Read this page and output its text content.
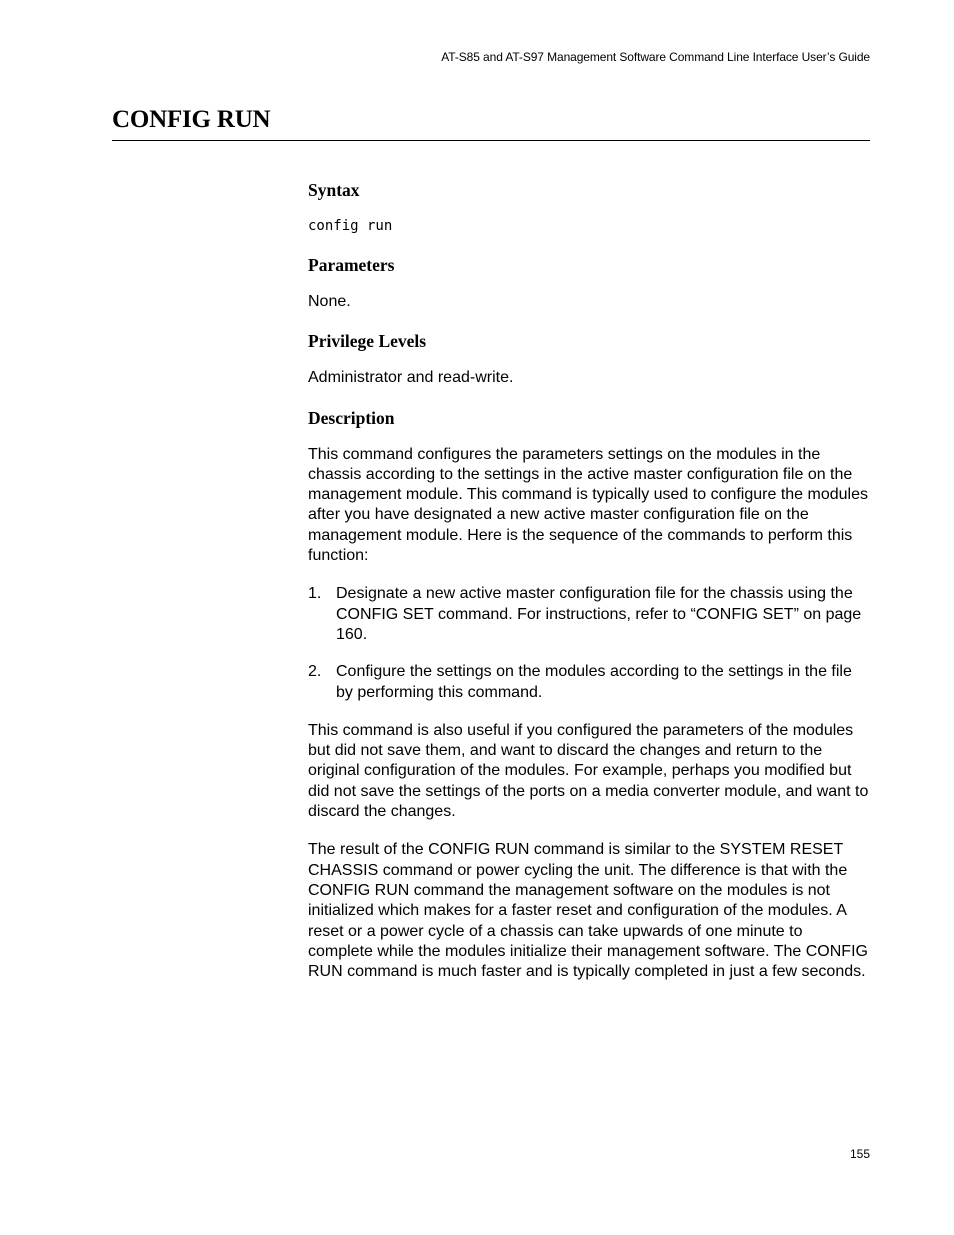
AT-S85 and AT-S97 Management Software Command Line Interface User’s Guide
CONFIG RUN
Syntax
config run
Parameters

None.

Privilege Levels

Administrator and read-write.

Description

This command configures the parameters settings on the modules in the chassis according to the settings in the active master configuration file on the management module. This command is typically used to configure the modules after you have designated a new active master configuration file on the management module. Here is the sequence of the commands to perform this function:

1. Designate a new active master configuration file for the chassis using the CONFIG SET command. For instructions, refer to “CONFIG SET” on page 160.
2. Configure the settings on the modules according to the settings in the file by performing this command.

This command is also useful if you configured the parameters of the modules but did not save them, and want to discard the changes and return to the original configuration of the modules. For example, perhaps you modified but did not save the settings of the ports on a media converter module, and want to discard the changes.

The result of the CONFIG RUN command is similar to the SYSTEM RESET CHASSIS command or power cycling the unit. The difference is that with the CONFIG RUN command the management software on the modules is not initialized which makes for a faster reset and configuration of the modules. A reset or a power cycle of a chassis can take upwards of one minute to complete while the modules initialize their management software. The CONFIG RUN command is much faster and is typically completed in just a few seconds.

155
